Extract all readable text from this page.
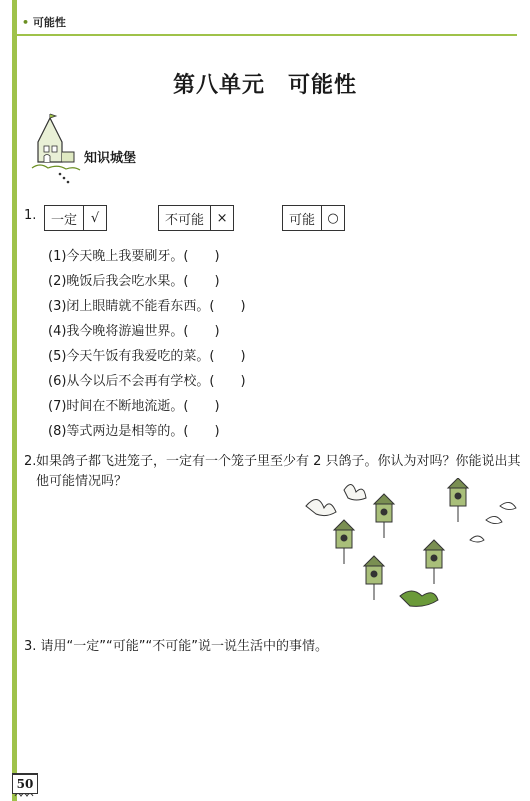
• 可能性
第八单元　可能性
知识城堡
1.	一定	√	不可能 ×	可能 ○
(1)今天晚上我要刷牙。(　　)
(2)晚饭后我会吃水果。(　　)
(3)闭上眼睛就不能看东西。(　　)
(4)我今晚将游遍世界。(　　)
(5)今天午饭有我爱吃的菜。(　　)
(6)从今以后不会再有学校。(　　)
(7)时间在不断地流逝。(　　)
(8)等式两边是相等的。(　　)
2. 如果鸽子都飞进笼子，一定有一个笼子里至少有 2 只鸽子。你认为对吗？你能说出其他可能情况吗？
3. 请用“一定”“可能”“不可能”说一说生活中的事情。
50
